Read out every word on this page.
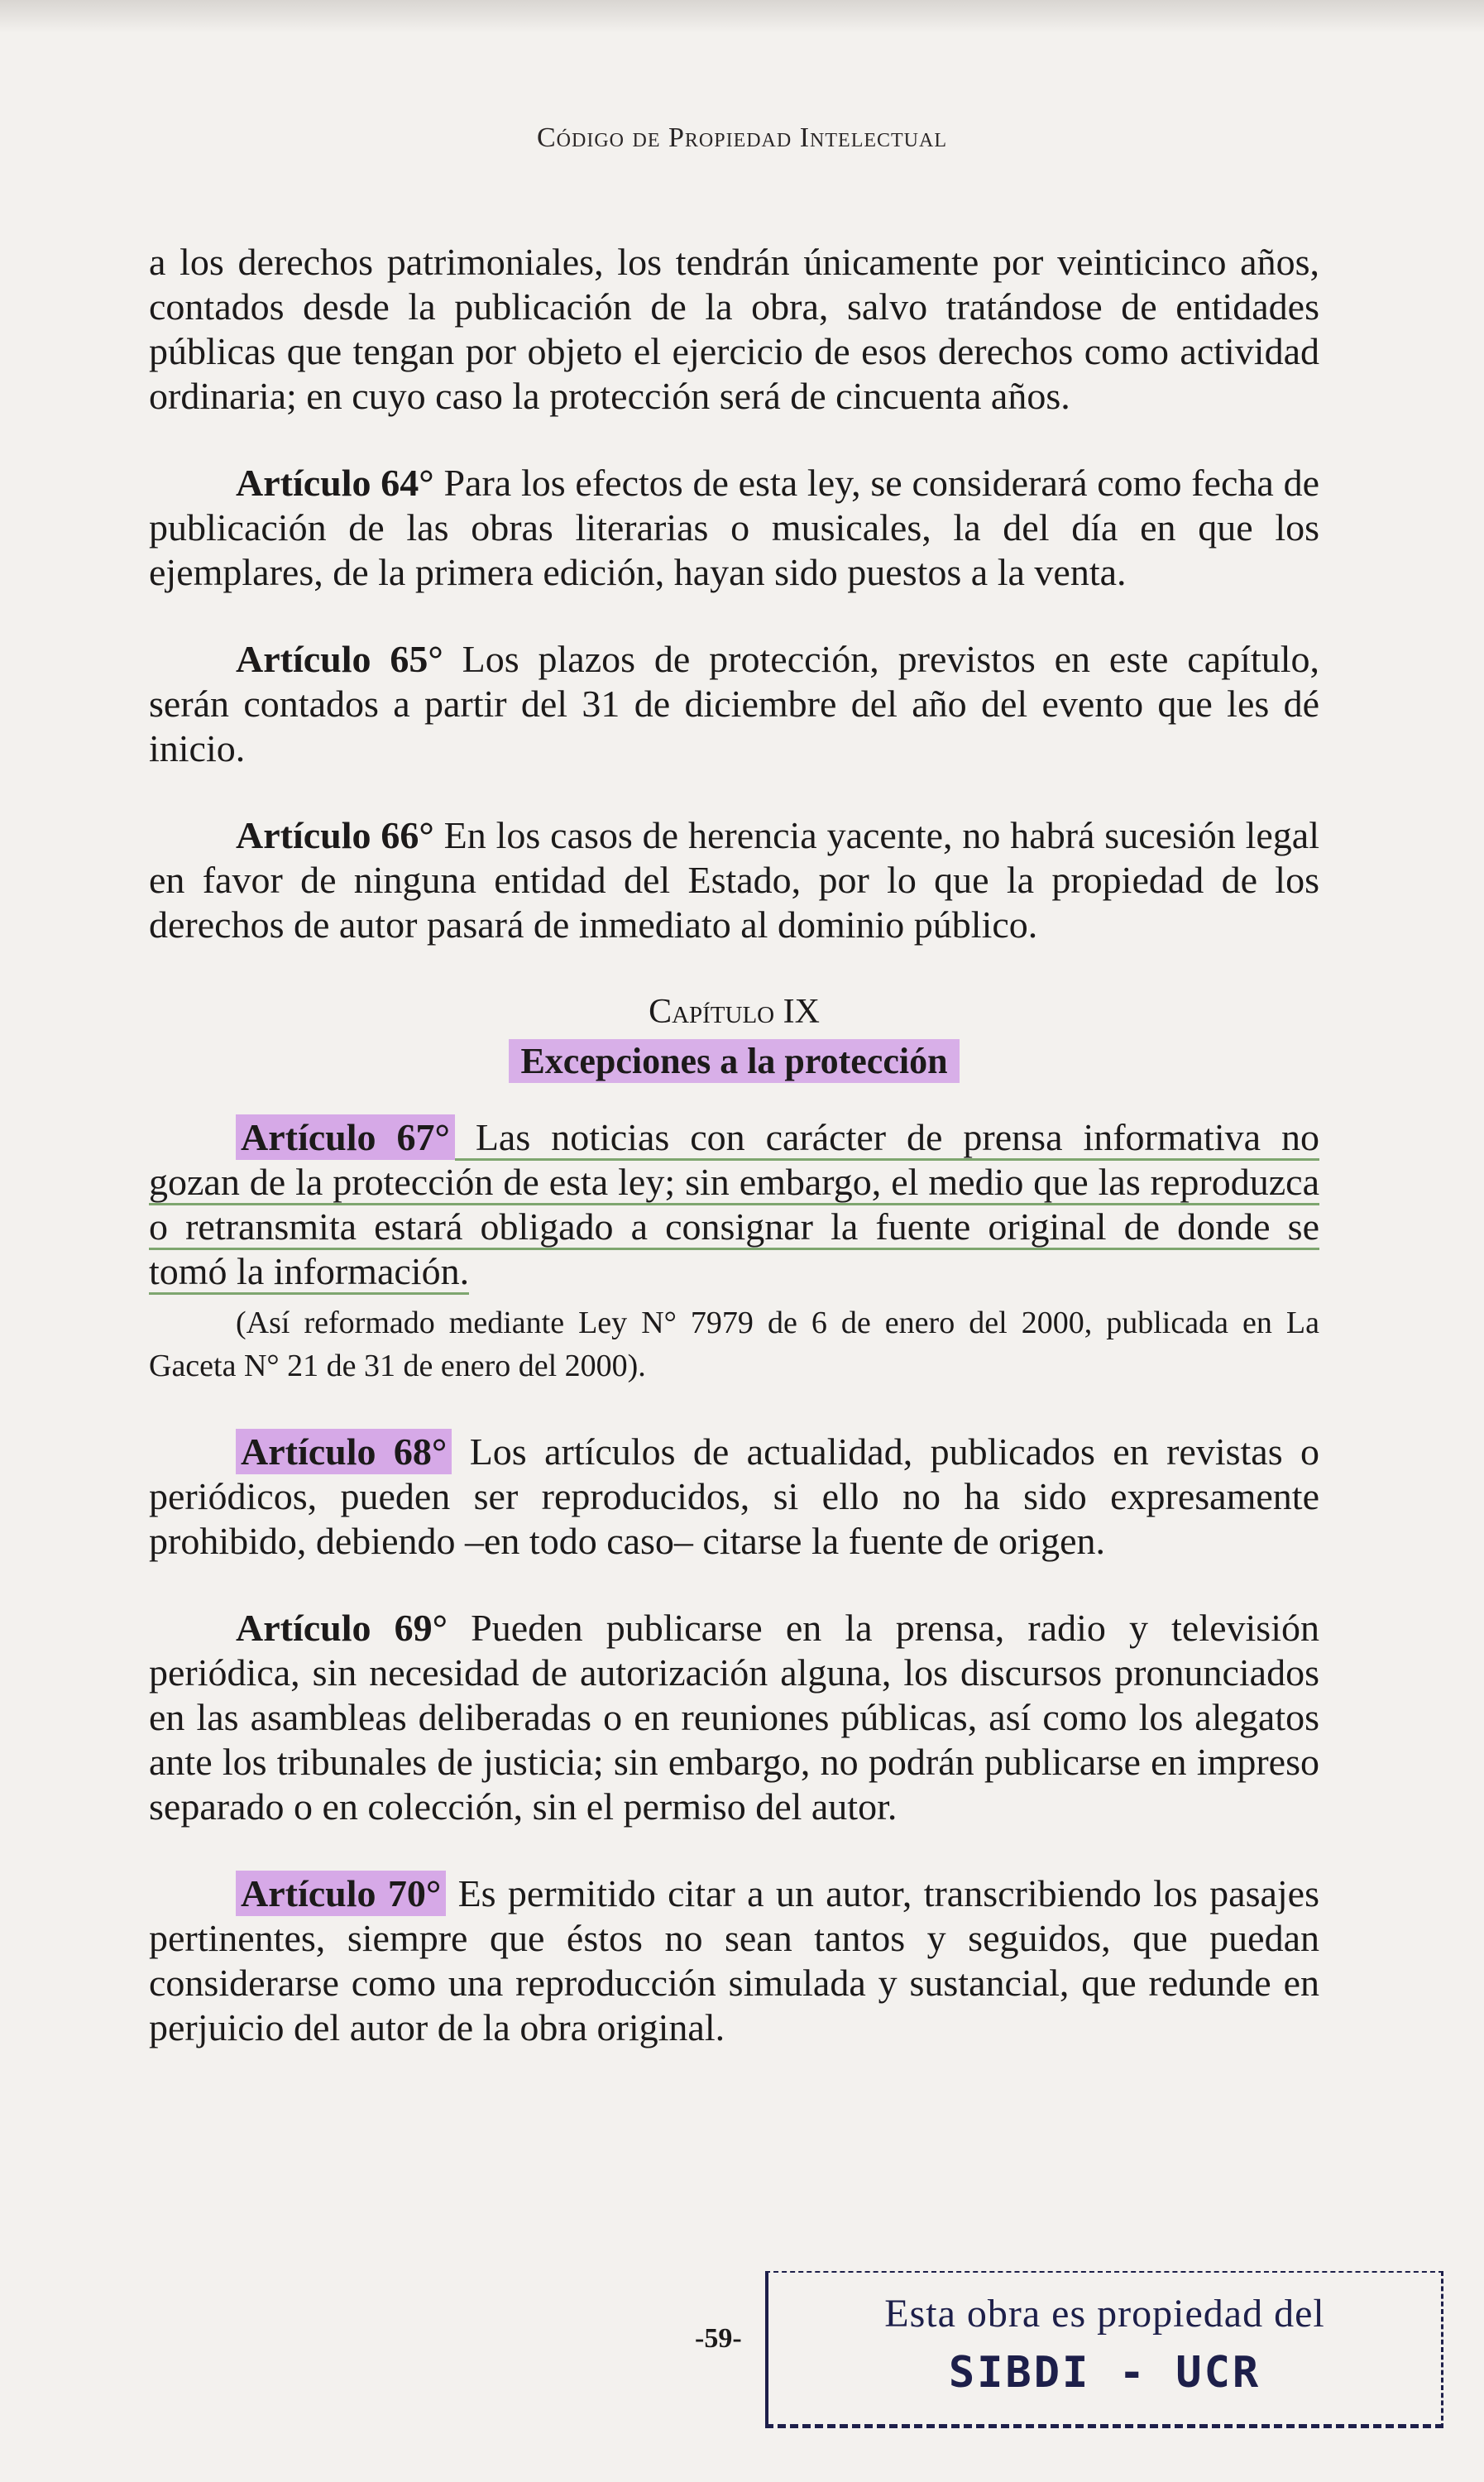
Código de Propiedad Intelectual

a los derechos patrimoniales, los tendrán únicamente por veinticinco años, contados desde la publicación de la obra, salvo tratándose de entidades públicas que tengan por objeto el ejercicio de esos derechos como actividad ordinaria; en cuyo caso la protección será de cincuenta años.

Artículo 64° Para los efectos de esta ley, se considerará como fecha de publicación de las obras literarias o musicales, la del día en que los ejemplares, de la primera edición, hayan sido puestos a la venta.

Artículo 65° Los plazos de protección, previstos en este capítulo, serán contados a partir del 31 de diciembre del año del evento que les dé inicio.

Artículo 66° En los casos de herencia yacente, no habrá sucesión legal en favor de ninguna entidad del Estado, por lo que la propiedad de los derechos de autor pasará de inmediato al dominio público.

Capítulo IX
Excepciones a la protección

Artículo 67° Las noticias con carácter de prensa informativa no gozan de la protección de esta ley; sin embargo, el medio que las reproduzca o retransmita estará obligado a consignar la fuente original de donde se tomó la información.

(Así reformado mediante Ley N° 7979 de 6 de enero del 2000, publicada en La Gaceta N° 21 de 31 de enero del 2000).

Artículo 68° Los artículos de actualidad, publicados en revistas o periódicos, pueden ser reproducidos, si ello no ha sido expresamente prohibido, debiendo –en todo caso– citarse la fuente de origen.

Artículo 69° Pueden publicarse en la prensa, radio y televisión periódica, sin necesidad de autorización alguna, los discursos pronunciados en las asambleas deliberadas o en reuniones públicas, así como los alegatos ante los tribunales de justicia; sin embargo, no podrán publicarse en impreso separado o en colección, sin el permiso del autor.

Artículo 70° Es permitido citar a un autor, transcribiendo los pasajes pertinentes, siempre que éstos no sean tantos y seguidos, que puedan considerarse como una reproducción simulada y sustancial, que redunde en perjuicio del autor de la obra original.

-59-
Esta obra es propiedad del
SIBDI - UCR
